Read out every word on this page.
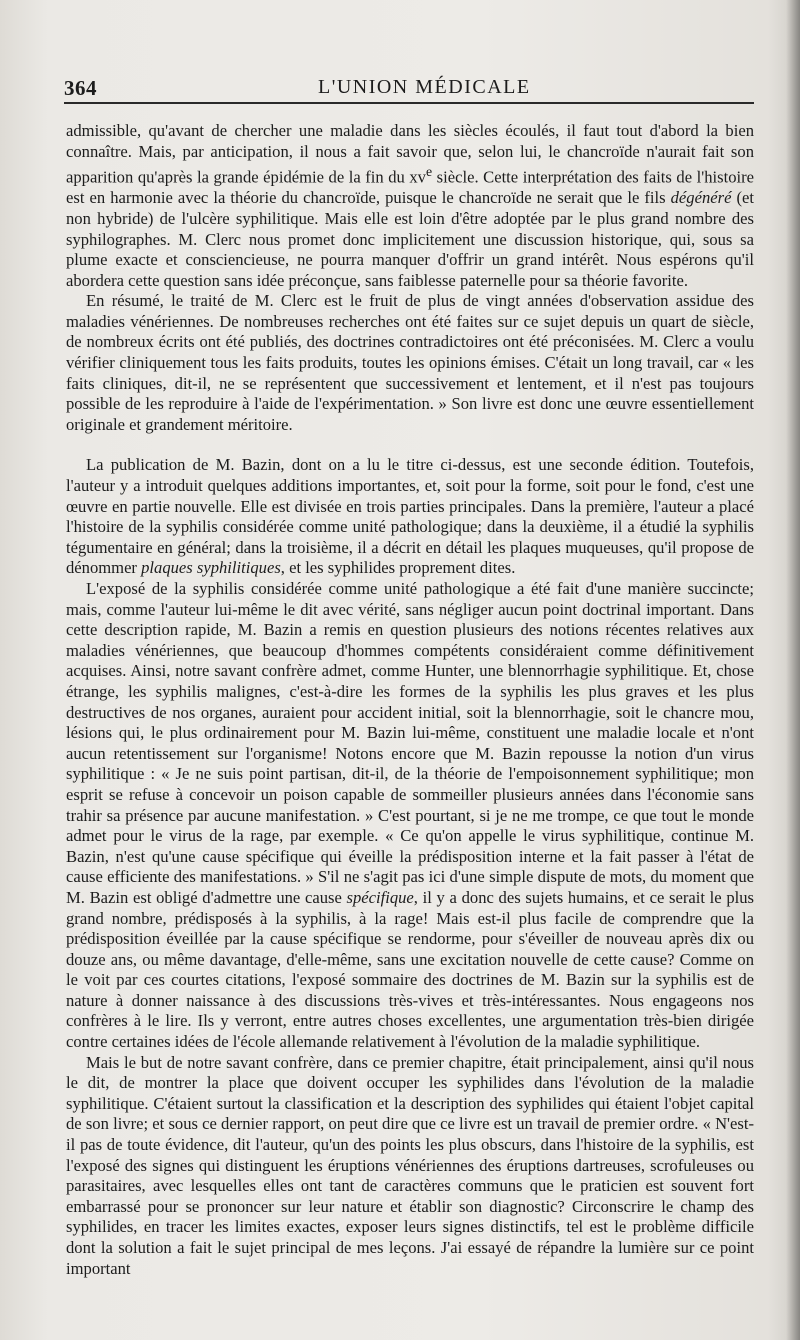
364	L'UNION MÉDICALE

admissible, qu'avant de chercher une maladie dans les siècles écoulés, il faut tout d'abord la bien connaître. Mais, par anticipation, il nous a fait savoir que, selon lui, le chancroïde n'aurait fait son apparition qu'après la grande épidémie de la fin du $xv^e$ siècle. Cette interprétation des faits de l'histoire est en harmonie avec la théorie du chancroïde, puisque le chancroïde ne serait que le fils dégénéré (et non hybride) de l'ulcère syphilitique. Mais elle est loin d'être adoptée par le plus grand nombre des syphilographes. M. Clerc nous promet donc implicitement une discussion historique, qui, sous sa plume exacte et consciencieuse, ne pourra manquer d'offrir un grand intérêt. Nous espérons qu'il abordera cette question sans idée préconçue, sans faiblesse paternelle pour sa théorie favorite.

En résumé, le traité de M. Clerc est le fruit de plus de vingt années d'observation assidue des maladies vénériennes. De nombreuses recherches ont été faites sur ce sujet depuis un quart de siècle, de nombreux écrits ont été publiés, des doctrines contradictoires ont été préconisées. M. Clerc a voulu vérifier cliniquement tous les faits produits, toutes les opinions émises. C'était un long travail, car « les faits cliniques, dit-il, ne se représentent que successivement et lentement, et il n'est pas toujours possible de les reproduire à l'aide de l'expérimentation. » Son livre est donc une œuvre essentiellement originale et grandement méritoire.

La publication de M. Bazin, dont on a lu le titre ci-dessus, est une seconde édition. Toutefois, l'auteur y a introduit quelques additions importantes, et, soit pour la forme, soit pour le fond, c'est une œuvre en partie nouvelle. Elle est divisée en trois parties principales. Dans la première, l'auteur a placé l'histoire de la syphilis considérée comme unité pathologique; dans la deuxième, il a étudié la syphilis tégumentaire en général; dans la troisième, il a décrit en détail les plaques muqueuses, qu'il propose de dénommer plaques syphilitiques, et les syphilides proprement dites.

L'exposé de la syphilis considérée comme unité pathologique a été fait d'une manière succincte; mais, comme l'auteur lui-même le dit avec vérité, sans négliger aucun point doctrinal important. Dans cette description rapide, M. Bazin a remis en question plusieurs des notions récentes relatives aux maladies vénériennes, que beaucoup d'hommes compétents considéraient comme définitivement acquises. Ainsi, notre savant confrère admet, comme Hunter, une blennorrhagie syphilitique. Et, chose étrange, les syphilis malignes, c'est-à-dire les formes de la syphilis les plus graves et les plus destructives de nos organes, auraient pour accident initial, soit la blennorrhagie, soit le chancre mou, lésions qui, le plus ordinairement pour M. Bazin lui-même, constituent une maladie locale et n'ont aucun retentissement sur l'organisme! Notons encore que M. Bazin repousse la notion d'un virus syphilitique : « Je ne suis point partisan, dit-il, de la théorie de l'empoisonnement syphilitique; mon esprit se refuse à concevoir un poison capable de sommeiller plusieurs années dans l'économie sans trahir sa présence par aucune manifestation. » C'est pourtant, si je ne me trompe, ce que tout le monde admet pour le virus de la rage, par exemple. « Ce qu'on appelle le virus syphilitique, continue M. Bazin, n'est qu'une cause spécifique qui éveille la prédisposition interne et la fait passer à l'état de cause efficiente des manifestations. » S'il ne s'agit pas ici d'une simple dispute de mots, du moment que M. Bazin est obligé d'admettre une cause spécifique, il y a donc des sujets humains, et ce serait le plus grand nombre, prédisposés à la syphilis, à la rage! Mais est-il plus facile de comprendre que la prédisposition éveillée par la cause spécifique se rendorme, pour s'éveiller de nouveau après dix ou douze ans, ou même davantage, d'elle-même, sans une excitation nouvelle de cette cause? Comme on le voit par ces courtes citations, l'exposé sommaire des doctrines de M. Bazin sur la syphilis est de nature à donner naissance à des discussions très-vives et très-intéressantes. Nous engageons nos confrères à le lire. Ils y verront, entre autres choses excellentes, une argumentation très-bien dirigée contre certaines idées de l'école allemande relativement à l'évolution de la maladie syphilitique.

Mais le but de notre savant confrère, dans ce premier chapitre, était principalement, ainsi qu'il nous le dit, de montrer la place que doivent occuper les syphilides dans l'évolution de la maladie syphilitique. C'étaient surtout la classification et la description des syphilides qui étaient l'objet capital de son livre; et sous ce dernier rapport, on peut dire que ce livre est un travail de premier ordre. « N'est-il pas de toute évidence, dit l'auteur, qu'un des points les plus obscurs, dans l'histoire de la syphilis, est l'exposé des signes qui distinguent les éruptions vénériennes des éruptions dartreuses, scrofuleuses ou parasitaires, avec lesquelles elles ont tant de caractères communs que le praticien est souvent fort embarrassé pour se prononcer sur leur nature et établir son diagnostic? Circonscrire le champ des syphilides, en tracer les limites exactes, exposer leurs signes distinctifs, tel est le problème difficile dont la solution a fait le sujet principal de mes leçons. J'ai essayé de répandre la lumière sur ce point important
